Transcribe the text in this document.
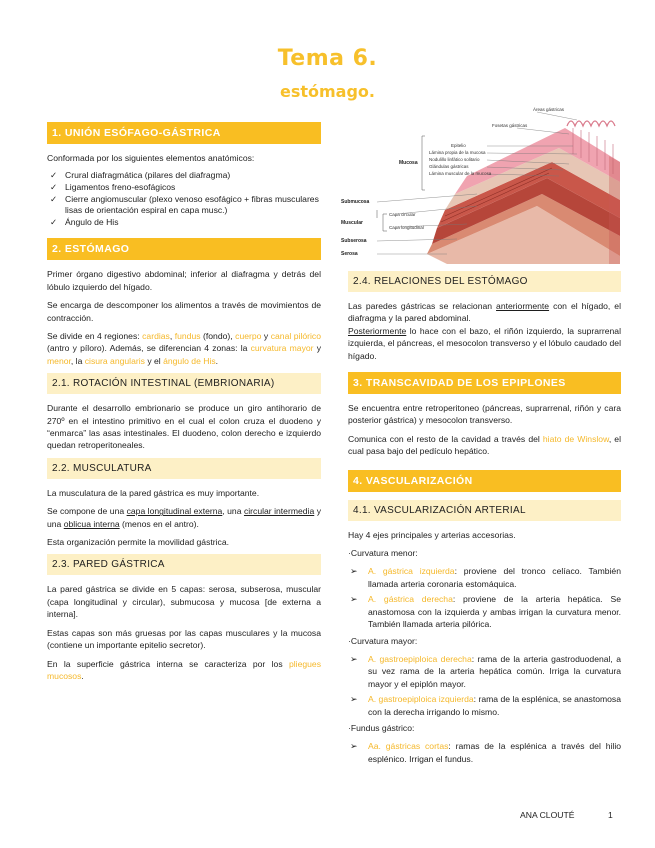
Tema 6.
estómago.
1. UNIÓN ESÓFAGO-GÁSTRICA

Conformada por los siguientes elementos anatómicos:

✓ Crural diafragmática (pilares del diafragma)
✓ Ligamentos freno-esofágicos
✓ Cierre angiomuscular (plexo venoso esofágico + fibras musculares lisas de orientación espiral en capa musc.)
✓ Ángulo de His
2. ESTÓMAGO

Primer órgano digestivo abdominal; inferior al diafragma y detrás del lóbulo izquierdo del hígado.

Se encarga de descomponer los alimentos a través de movimientos de contracción.

Se divide en 4 regiones: cardias, fundus (fondo), cuerpo y canal pilórico (antro y píloro). Además, se diferencian 4 zonas: la curvatura mayor y menor, la cisura angularis y el ángulo de His.

2.1. ROTACIÓN INTESTINAL (EMBRIONARIA)

Durante el desarrollo embrionario se produce un giro antihorario de 270º en el intestino primitivo en el cual el colon cruza el duodeno y “enmarca” las asas intestinales. El duodeno, colon derecho e izquierdo quedan retroperitoneales.

2.2. MUSCULATURA

La musculatura de la pared gástrica es muy importante.

Se compone de una capa longitudinal externa, una circular intermedia y una oblicua interna (menos en el antro).

Esta organización permite la movilidad gástrica.

2.3. PARED GÁSTRICA

La pared gástrica se divide en 5 capas: serosa, subserosa, muscular (capa longitudinal y circular), submucosa y mucosa [de externa a interna].

Estas capas son más gruesas por las capas musculares y la mucosa (contiene un importante epitelio secretor).

En la superficie gástrica interna se caracteriza por los pliegues mucosos.

Áreas gástricas
Fosetas gástricas
Epitelio
Lámina propia de la mucosa
Nodulillo linfático solitario
Glándulas gástricas
Lámina muscular de la mucosa
Mucosa
Submucosa
Capa circular
Capa longitudinal
Muscular
Subserosa
Serosa
2.4. RELACIONES DEL ESTÓMAGO

Las paredes gástricas se relacionan anteriormente con el hígado, el diafragma y la pared abdominal.

Posteriormente lo hace con el bazo, el riñón izquierdo, la suprarrenal izquierda, el páncreas, el mesocolon transverso y el lóbulo caudado del hígado.

3. TRANSCAVIDAD DE LOS EPIPLONES

Se encuentra entre retroperitoneo (páncreas, suprarrenal, riñón y cara posterior gástrica) y mesocolon transverso.

Comunica con el resto de la cavidad a través del hiato de Winslow, el cual pasa bajo del pedículo hepático.

4. VASCULARIZACIÓN
4.1. VASCULARIZACIÓN ARTERIAL

Hay 4 ejes principales y arterias accesorias.

·Curvatura menor:

➢ A. gástrica izquierda: proviene del tronco celíaco. También llamada arteria coronaria estomáquica.
➢ A. gástrica derecha: proviene de la arteria hepática. Se anastomosa con la izquierda y ambas irrigan la curvatura menor. También llamada arteria pilórica.

·Curvatura mayor:

➢ A. gastroepiploica derecha: rama de la arteria gastroduodenal, a su vez rama de la arteria hepática común. Irriga la curvatura mayor y el epiplón mayor.
➢ A. gastroepiploica izquierda: rama de la esplénica, se anastomosa con la derecha irrigando lo mismo.

·Fundus gástrico:

➢ Aa. gástricas cortas: ramas de la esplénica a través del hilio esplénico. Irrigan el fundus.
ANA CLOUTÉ	1
